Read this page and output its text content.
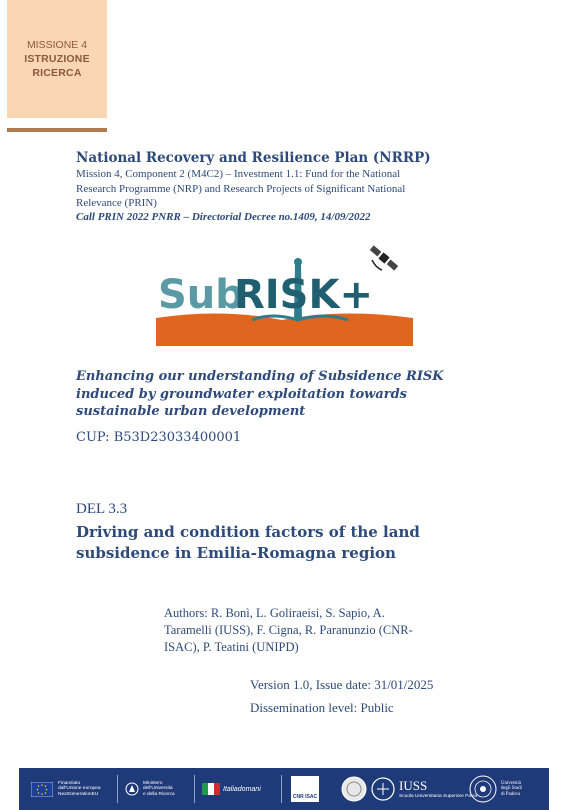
MISSIONE 4
ISTRUZIONE
RICERCA
National Recovery and Resilience Plan (NRRP)
Mission 4, Component 2 (M4C2) – Investment 1.1: Fund for the National
Research Programme (NRP) and Research Projects of Significant National
Relevance (PRIN)
Call PRIN 2022 PNRR – Directorial Decree no.1409, 14/09/2022
Sub
RISK+
Enhancing our understanding of Subsidence RISK
induced by groundwater exploitation towards
sustainable urban development
CUP: B53D23033400001
DEL 3.3
Driving and condition factors of the land
subsidence in Emilia-Romagna region
Authors: R. Bonì, L. Goliraeisi, S. Sapio, A.
Taramelli (IUSS), F. Cigna, R. Paranunzio (CNR-
ISAC), P. Teatini (UNIPD)
Version 1.0, Issue date: 31/01/2025
Dissemination level: Public
Finanziato
dall'Unione europea
NextGenerationEU
Ministero
dell'Università
e della Ricerca
Italiadomani
CNR ISAC
IUSS
Scuola Universitaria Superiore Pavia
Università
degli Studi
di Padova
